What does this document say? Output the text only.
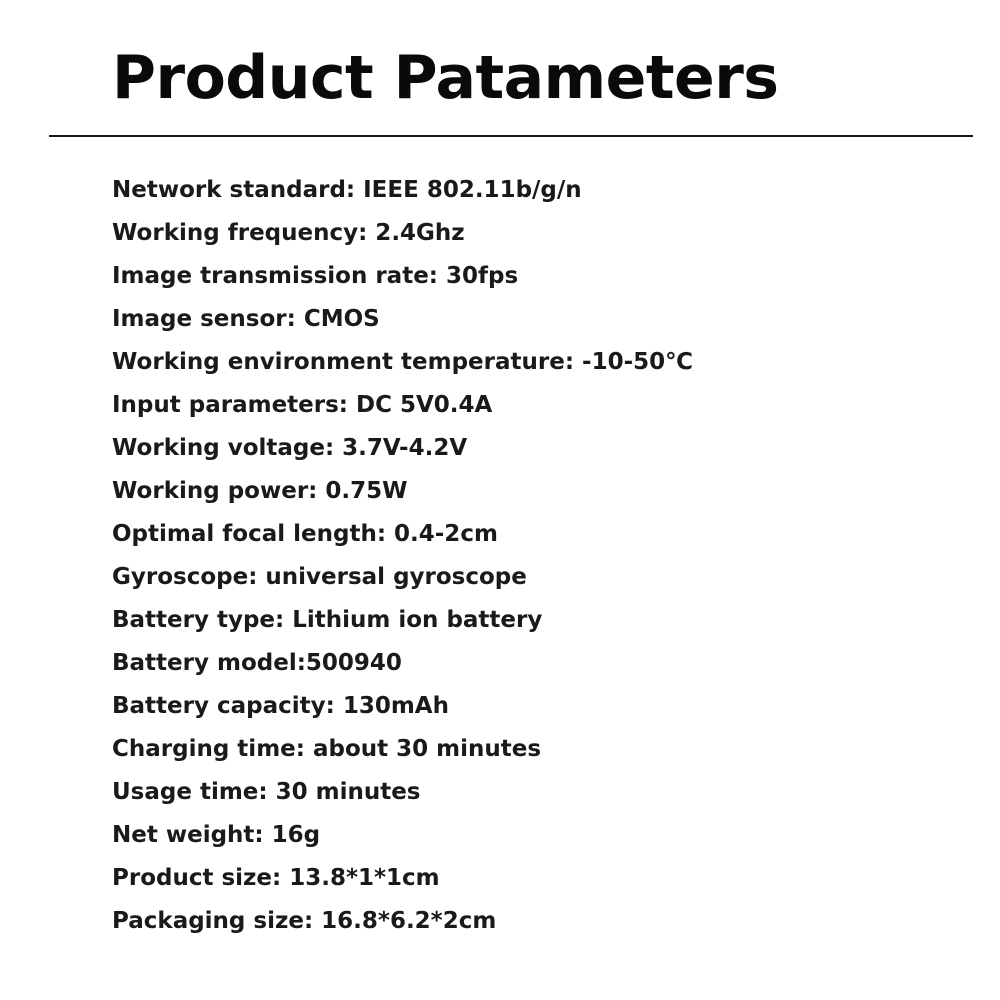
Product Patameters
Network standard: IEEE 802.11b/g/n
Working frequency: 2.4Ghz
Image transmission rate: 30fps
Image sensor: CMOS
Working environment temperature: -10-50℃
Input parameters: DC 5V0.4A
Working voltage: 3.7V-4.2V
Working power: 0.75W
Optimal focal length: 0.4-2cm
Gyroscope: universal gyroscope
Battery type: Lithium ion battery
Battery model:500940
Battery capacity: 130mAh
Charging time: about 30 minutes
Usage time: 30 minutes
Net weight: 16g
Product size: 13.8*1*1cm
Packaging size: 16.8*6.2*2cm
